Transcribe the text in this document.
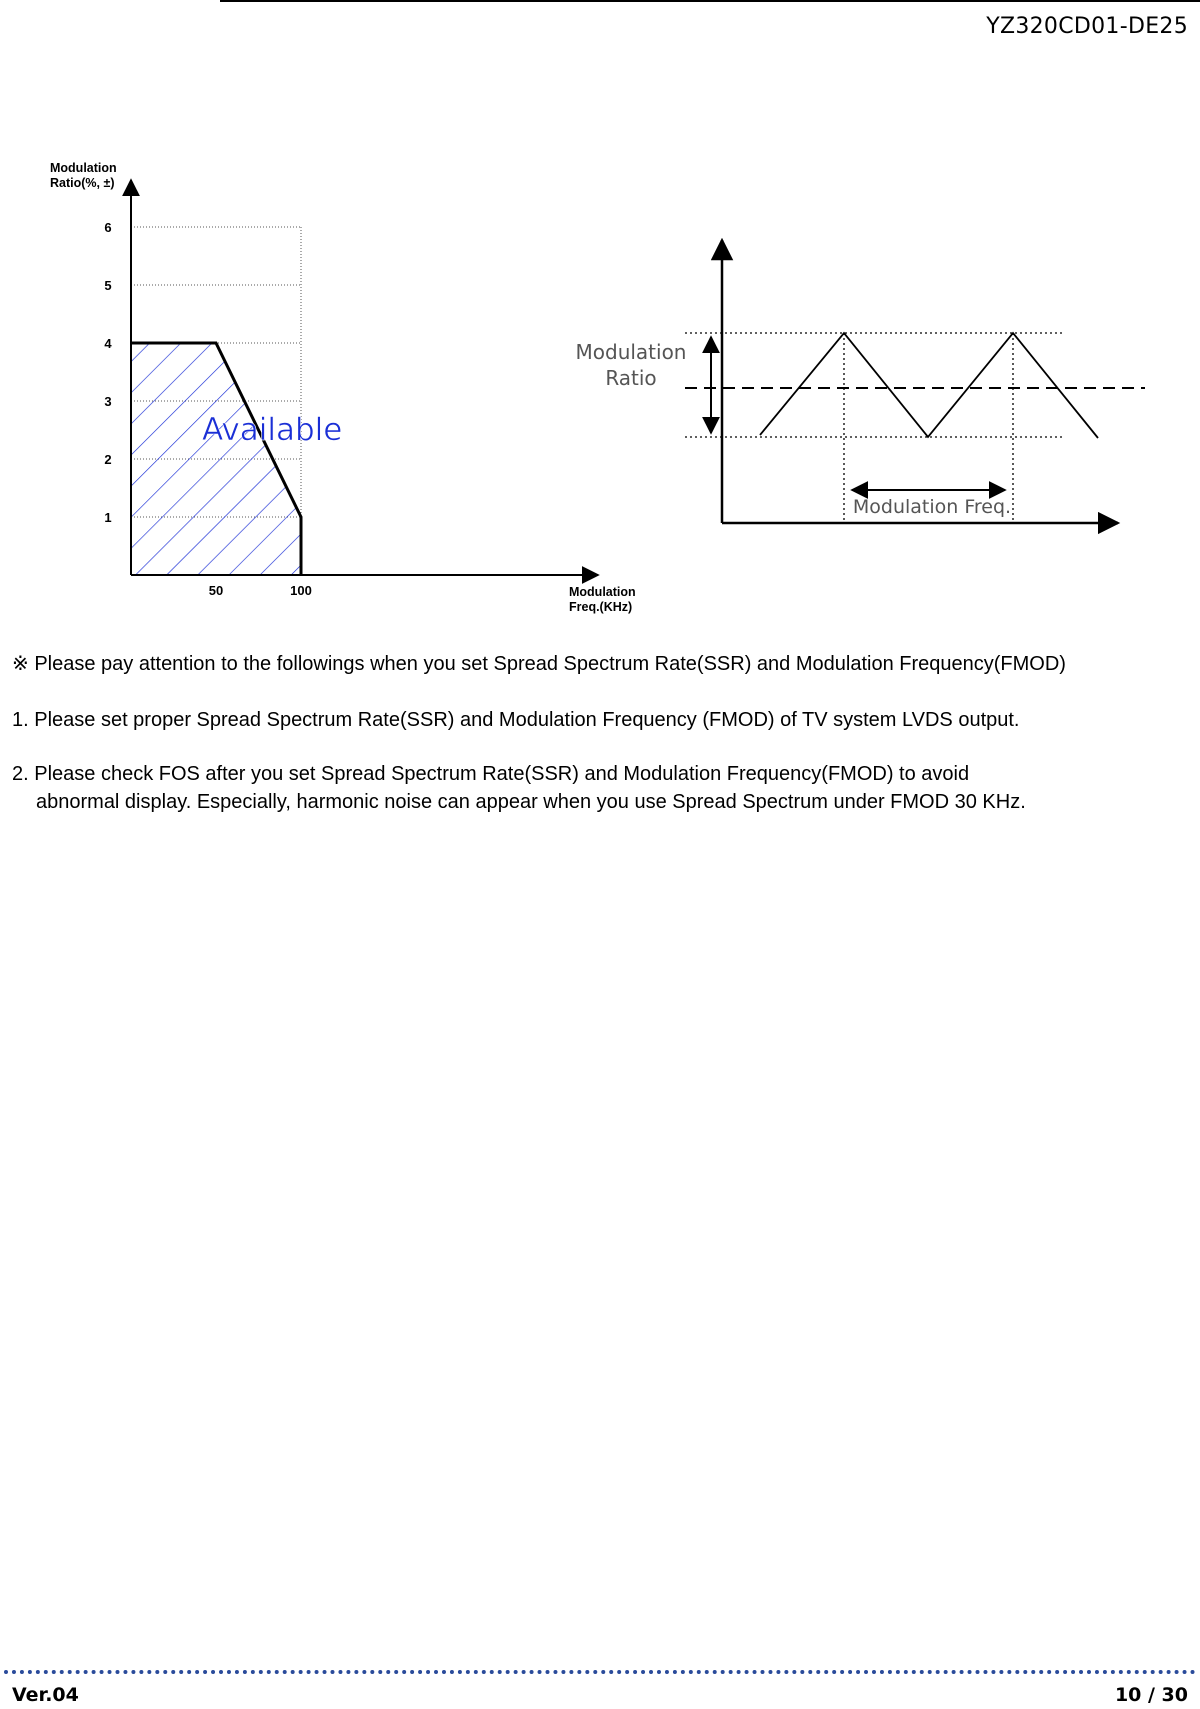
YZ320CD01-DE25
1
2
3
4
5
6
50	100
Modulation
Ratio(%, ±)
Modulation
Freq.(KHz)
Available
Modulation
Ratio
Modulation Freq.
※ Please pay attention to the followings when you set Spread Spectrum Rate(SSR) and Modulation Frequency(FMOD)
1. Please set proper Spread Spectrum Rate(SSR) and Modulation Frequency (FMOD) of TV system LVDS output.
2. Please check FOS after you set Spread Spectrum Rate(SSR) and Modulation Frequency(FMOD) to avoid
abnormal display. Especially, harmonic noise can appear when you use Spread Spectrum under FMOD 30 KHz.
Ver.04	10 / 30
